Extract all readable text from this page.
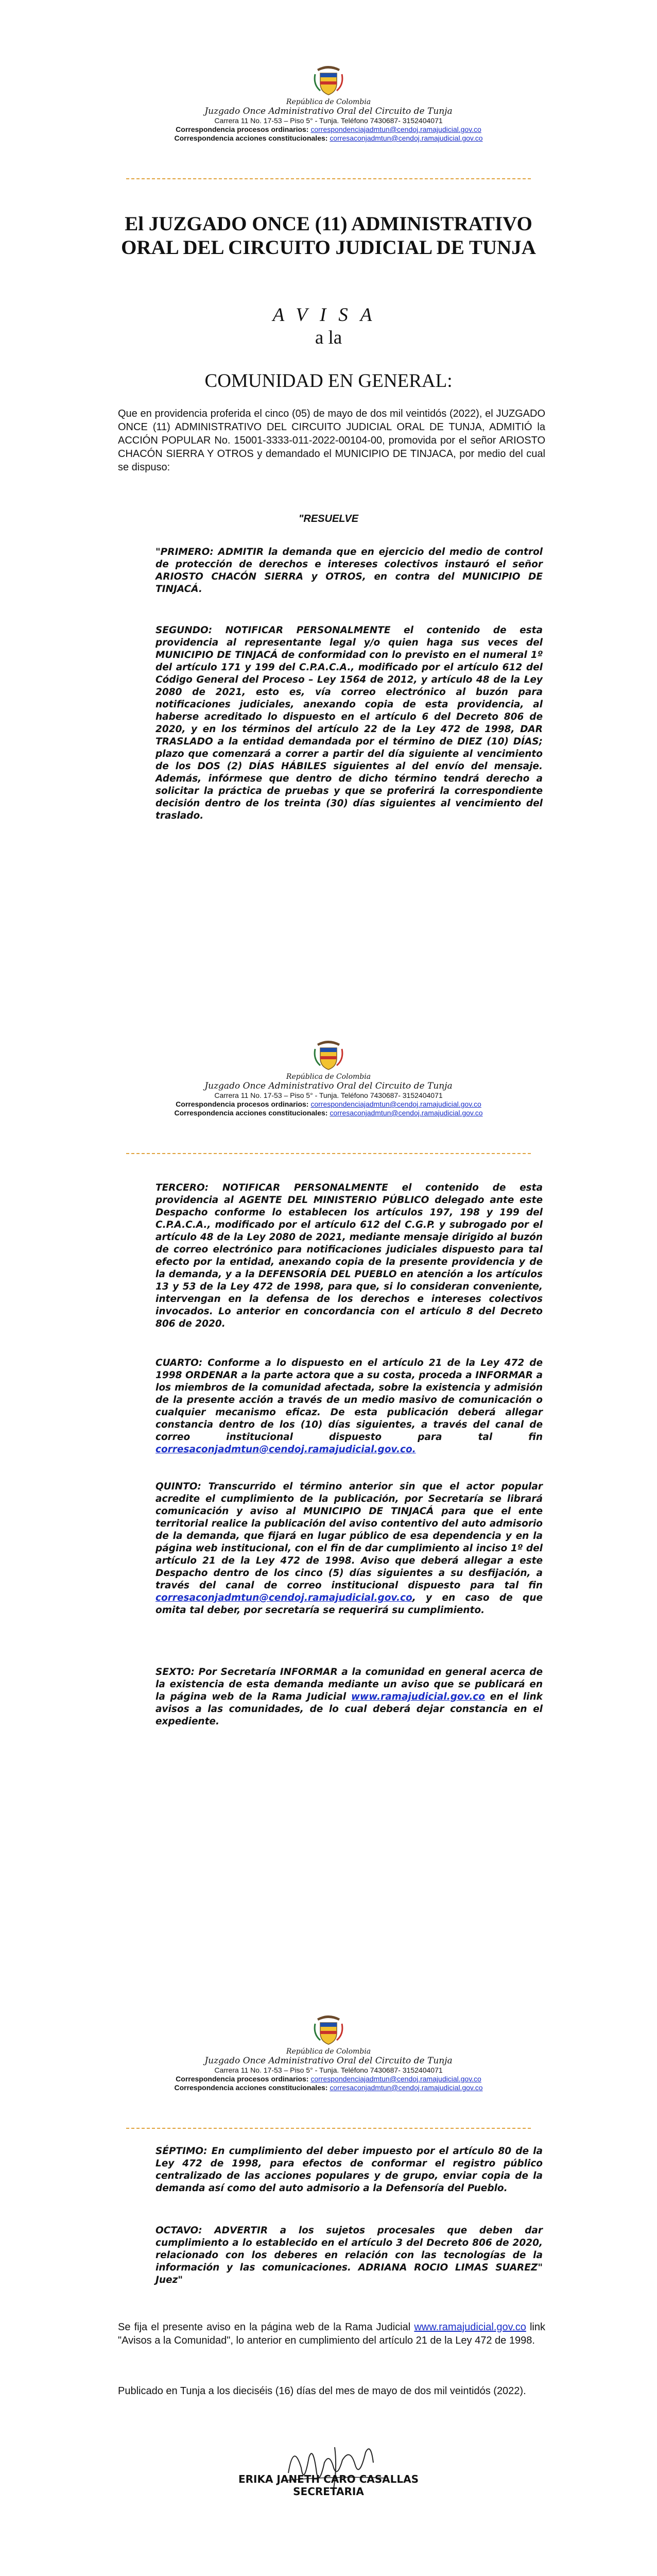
República de Colombia
Juzgado Once Administrativo Oral del Circuito de Tunja
Carrera 11 No. 17-53 – Piso 5° - Tunja. Teléfono 7430687- 3152404071
Correspondencia procesos ordinarios: correspondenciajadmtun@cendoj.ramajudicial.gov.co
Correspondencia acciones constitucionales: corresaconjadmtun@cendoj.ramajudicial.gov.co
El JUZGADO ONCE (11) ADMINISTRATIVO
ORAL DEL CIRCUITO JUDICIAL DE TUNJA
AVISA
a la
COMUNIDAD EN GENERAL:
Que en providencia proferida el cinco (05) de mayo de dos mil veintidós (2022), el JUZGADO ONCE (11) ADMINISTRATIVO DEL CIRCUITO JUDICIAL ORAL DE TUNJA, ADMITIÓ la ACCIÓN POPULAR No. 15001-3333-011-2022-00104-00, promovida por el señor ARIOSTO CHACÓN SIERRA Y OTROS y demandado el MUNICIPIO DE TINJACA, por medio del cual se dispuso:
"RESUELVE
"PRIMERO: ADMITIR la demanda que en ejercicio del medio de control de protección de derechos e intereses colectivos instauró el señor ARIOSTO CHACÓN SIERRA y OTROS, en contra del MUNICIPIO DE TINJACÁ.
SEGUNDO: NOTIFICAR PERSONALMENTE el contenido de esta providencia al representante legal y/o quien haga sus veces del MUNICIPIO DE TINJACÁ de conformidad con lo previsto en el numeral 1º del artículo 171 y 199 del C.P.A.C.A., modificado por el artículo 612 del Código General del Proceso – Ley 1564 de 2012, y artículo 48 de la Ley 2080 de 2021, esto es, vía correo electrónico al buzón para notificaciones judiciales, anexando copia de esta providencia, al haberse acreditado lo dispuesto en el artículo 6 del Decreto 806 de 2020, y en los términos del artículo 22 de la Ley 472 de 1998, DAR TRASLADO a la entidad demandada por el término de DIEZ (10) DÍAS; plazo que comenzará a correr a partir del día siguiente al vencimiento de los DOS (2) DÍAS HÁBILES siguientes al del envío del mensaje. Además, infórmese que dentro de dicho término tendrá derecho a solicitar la práctica de pruebas y que se proferirá la correspondiente decisión dentro de los treinta (30) días siguientes al vencimiento del traslado.
República de Colombia
Juzgado Once Administrativo Oral del Circuito de Tunja
Carrera 11 No. 17-53 – Piso 5° - Tunja. Teléfono 7430687- 3152404071
Correspondencia procesos ordinarios: correspondenciajadmtun@cendoj.ramajudicial.gov.co
Correspondencia acciones constitucionales: corresaconjadmtun@cendoj.ramajudicial.gov.co
TERCERO: NOTIFICAR PERSONALMENTE el contenido de esta providencia al AGENTE DEL MINISTERIO PÚBLICO delegado ante este Despacho conforme lo establecen los artículos 197, 198 y 199 del C.P.A.C.A., modificado por el artículo 612 del C.G.P. y subrogado por el artículo 48 de la Ley 2080 de 2021, mediante mensaje dirigido al buzón de correo electrónico para notificaciones judiciales dispuesto para tal efecto por la entidad, anexando copia de la presente providencia y de la demanda, y a la DEFENSORÍA DEL PUEBLO en atención a los artículos 13 y 53 de la Ley 472 de 1998, para que, si lo consideran conveniente, intervengan en la defensa de los derechos e intereses colectivos invocados. Lo anterior en concordancia con el artículo 8 del Decreto 806 de 2020.
CUARTO: Conforme a lo dispuesto en el artículo 21 de la Ley 472 de 1998 ORDENAR a la parte actora que a su costa, proceda a INFORMAR a los miembros de la comunidad afectada, sobre la existencia y admisión de la presente acción a través de un medio masivo de comunicación o cualquier mecanismo eficaz. De esta publicación deberá allegar constancia dentro de los (10) días siguientes, a través del canal de correo institucional dispuesto para tal fin corresaconjadmtun@cendoj.ramajudicial.gov.co.
QUINTO: Transcurrido el término anterior sin que el actor popular acredite el cumplimiento de la publicación, por Secretaría se librará comunicación y aviso al MUNICIPIO DE TINJACÁ para que el ente territorial realice la publicación del aviso contentivo del auto admisorio de la demanda, que fijará en lugar público de esa dependencia y en la página web institucional, con el fin de dar cumplimiento al inciso 1º del artículo 21 de la Ley 472 de 1998. Aviso que deberá allegar a este Despacho dentro de los cinco (5) días siguientes a su desfijación, a través del canal de correo institucional dispuesto para tal fin corresaconjadmtun@cendoj.ramajudicial.gov.co, y en caso de que omita tal deber, por secretaría se requerirá su cumplimiento.
SEXTO: Por Secretaría INFORMAR a la comunidad en general acerca de la existencia de esta demanda mediante un aviso que se publicará en la página web de la Rama Judicial www.ramajudicial.gov.co en el link avisos a las comunidades, de lo cual deberá dejar constancia en el expediente.
República de Colombia
Juzgado Once Administrativo Oral del Circuito de Tunja
Carrera 11 No. 17-53 – Piso 5° - Tunja. Teléfono 7430687- 3152404071
Correspondencia procesos ordinarios: correspondenciajadmtun@cendoj.ramajudicial.gov.co
Correspondencia acciones constitucionales: corresaconjadmtun@cendoj.ramajudicial.gov.co
SÉPTIMO: En cumplimiento del deber impuesto por el artículo 80 de la Ley 472 de 1998, para efectos de conformar el registro público centralizado de las acciones populares y de grupo, enviar copia de la demanda así como del auto admisorio a la Defensoría del Pueblo.
OCTAVO: ADVERTIR a los sujetos procesales que deben dar cumplimiento a lo establecido en el artículo 3 del Decreto 806 de 2020, relacionado con los deberes en relación con las tecnologías de la información y las comunicaciones. ADRIANA ROCIO LIMAS SUAREZ" Juez"
Se fija el presente aviso en la página web de la Rama Judicial www.ramajudicial.gov.co link "Avisos a la Comunidad", lo anterior en cumplimiento del artículo 21 de la Ley 472 de 1998.
Publicado en Tunja a los dieciséis (16) días del mes de mayo de dos mil veintidós (2022).
ERIKA JANETH CARO CASALLAS
SECRETARIA
